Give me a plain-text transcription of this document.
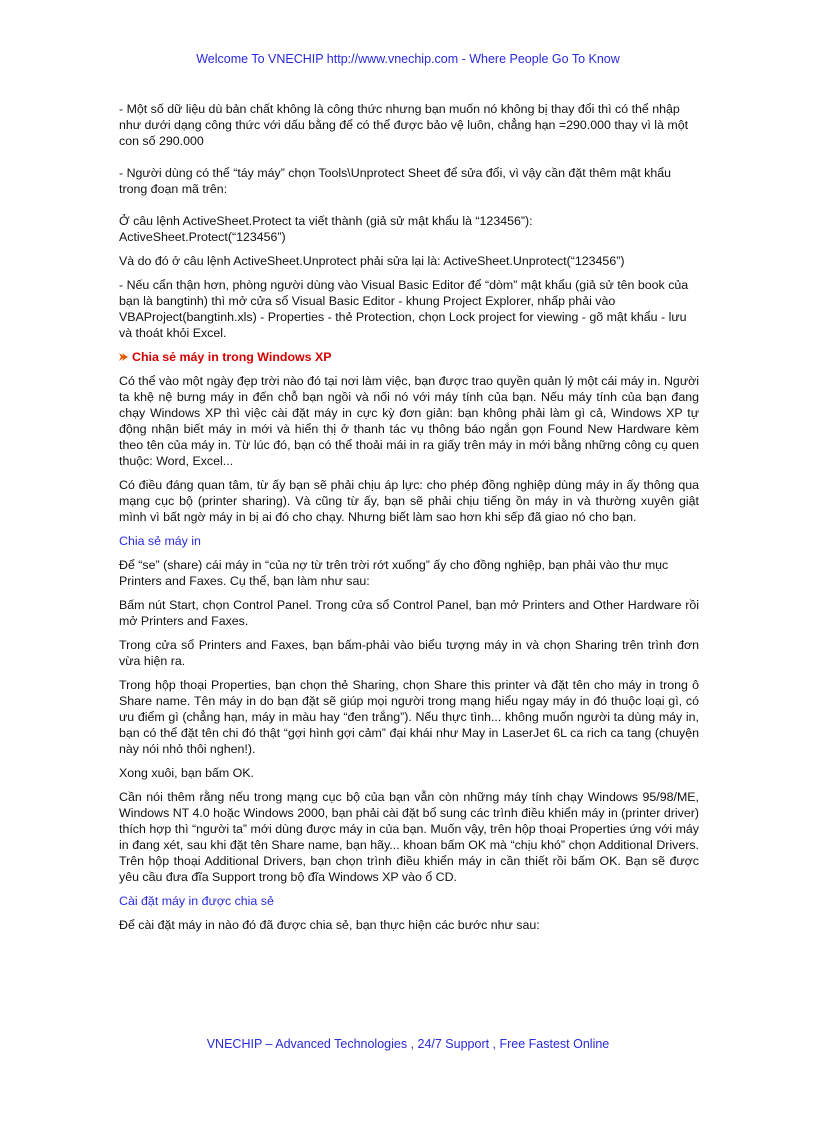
Welcome To VNECHIP http://www.vnechip.com - Where People Go To Know

- Một số dữ liệu dù bản chất không là công thức nhưng bạn muốn nó không bị thay đổi thì có thể nhập như dưới dạng công thức với dấu bằng để có thể được bảo vệ luôn, chẳng hạn =290.000 thay vì là một con số 290.000

- Người dùng có thể “táy máy” chọn Tools\Unprotect Sheet để sửa đổi, vì vậy cần đặt thêm mật khẩu trong đoạn mã trên:

Ở câu lệnh ActiveSheet.Protect ta viết thành (giả sử mật khẩu là “123456”):
ActiveSheet.Protect(“123456”)

Và do đó ở câu lệnh ActiveSheet.Unprotect phải sửa lại là: ActiveSheet.Unprotect(“123456”)

- Nếu cẩn thận hơn, phòng người dùng vào Visual Basic Editor để “dòm” mật khẩu (giả sử tên book của bạn là bangtinh) thì mở cửa sổ Visual Basic Editor - khung Project Explorer, nhấp phải vào VBAProject(bangtinh.xls) - Properties - thẻ Protection, chọn Lock project for viewing - gõ mật khẩu - lưu và thoát khỏi Excel.

Chia sẻ máy in trong Windows XP

Có thể vào một ngày đẹp trời nào đó tại nơi làm việc, bạn được trao quyền quản lý một cái máy in. Người ta khệ nệ bưng máy in đến chỗ bạn ngồi và nối nó với máy tính của bạn. Nếu máy tính của bạn đang chạy Windows XP thì việc cài đặt máy in cực kỳ đơn giản: bạn không phải làm gì cả, Windows XP tự động nhận biết máy in mới và hiển thị ở thanh tác vụ thông báo ngắn gọn Found New Hardware kèm theo tên của máy in. Từ lúc đó, bạn có thể thoải mái in ra giấy trên máy in mới bằng những công cụ quen thuộc: Word, Excel...

Có điều đáng quan tâm, từ ấy bạn sẽ phải chịu áp lực: cho phép đồng nghiệp dùng máy in ấy thông qua mạng cục bộ (printer sharing). Và cũng từ ấy, bạn sẽ phải chịu tiếng ồn máy in và thường xuyên giật mình vì bất ngờ máy in bị ai đó cho chạy. Nhưng biết làm sao hơn khi sếp đã giao nó cho bạn.

Chia sẻ máy in

Để “se” (share) cái máy in “của nợ từ trên trời rớt xuống” ấy cho đồng nghiệp, bạn phải vào thư mục Printers and Faxes. Cụ thể, bạn làm như sau:

Bấm nút Start, chọn Control Panel. Trong cửa sổ Control Panel, bạn mở Printers and Other Hardware rồi mở Printers and Faxes.

Trong cửa sổ Printers and Faxes, bạn bấm-phải vào biểu tượng máy in và chọn Sharing trên trình đơn vừa hiện ra.

Trong hộp thoại Properties, bạn chọn thẻ Sharing, chọn Share this printer và đặt tên cho máy in trong ô Share name. Tên máy in do bạn đặt sẽ giúp mọi người trong mạng hiểu ngay máy in đó thuộc loại gì, có ưu điểm gì (chẳng hạn, máy in màu hay “đen trắng”). Nếu thực tình... không muốn người ta dùng máy in, bạn có thể đặt tên chi đó thật “gợi hình gợi cảm” đại khái như May in LaserJet 6L ca rich ca tang (chuyện này nói nhỏ thôi nghen!).

Xong xuôi, bạn bấm OK.

Cần nói thêm rằng nếu trong mạng cục bộ của bạn vẫn còn những máy tính chạy Windows 95/98/ME, Windows NT 4.0 hoặc Windows 2000, bạn phải cài đặt bổ sung các trình điều khiển máy in (printer driver) thích hợp thì “người ta” mới dùng được máy in của bạn. Muốn vậy, trên hộp thoại Properties ứng với máy in đang xét, sau khi đặt tên Share name, bạn hãy... khoan bấm OK mà “chịu khó” chọn Additional Drivers. Trên hộp thoại Additional Drivers, bạn chọn trình điều khiển máy in cần thiết rồi bấm OK. Bạn sẽ được yêu cầu đưa đĩa Support trong bộ đĩa Windows XP vào ổ CD.

Cài đặt máy in được chia sẻ

Để cài đặt máy in nào đó đã được chia sẻ, bạn thực hiện các bước như sau:

VNECHIP – Advanced Technologies , 24/7 Support , Free Fastest Online
